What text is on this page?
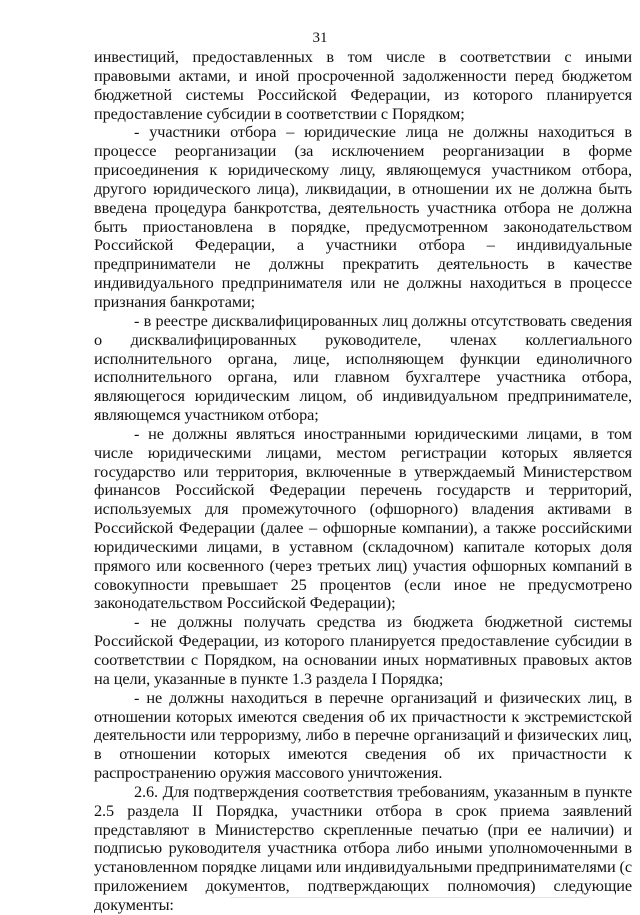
31

инвестиций, предоставленных в том числе в соответствии с иными правовыми актами, и иной просроченной задолженности перед бюджетом бюджетной системы Российской Федерации, из которого планируется предоставление субсидии в соответствии с Порядком;

- участники отбора – юридические лица не должны находиться в процессе реорганизации (за исключением реорганизации в форме присоединения к юридическому лицу, являющемуся участником отбора, другого юридического лица), ликвидации, в отношении их не должна быть введена процедура банкротства, деятельность участника отбора не должна быть приостановлена в порядке, предусмотренном законодательством Российской Федерации, а участники отбора – индивидуальные предприниматели не должны прекратить деятельность в качестве индивидуального предпринимателя или не должны находиться в процессе признания банкротами;

- в реестре дисквалифицированных лиц должны отсутствовать сведения о дисквалифицированных руководителе, членах коллегиального исполнительного органа, лице, исполняющем функции единоличного исполнительного органа, или главном бухгалтере участника отбора, являющегося юридическим лицом, об индивидуальном предпринимателе, являющемся участником отбора;

- не должны являться иностранными юридическими лицами, в том числе юридическими лицами, местом регистрации которых является государство или территория, включенные в утверждаемый Министерством финансов Российской Федерации перечень государств и территорий, используемых для промежуточного (офшорного) владения активами в Российской Федерации (далее – офшорные компании), а также российскими юридическими лицами, в уставном (складочном) капитале которых доля прямого или косвенного (через третьих лиц) участия офшорных компаний в совокупности превышает 25 процентов (если иное не предусмотрено законодательством Российской Федерации);

- не должны получать средства из бюджета бюджетной системы Российской Федерации, из которого планируется предоставление субсидии в соответствии с Порядком, на основании иных нормативных правовых актов на цели, указанные в пункте 1.3 раздела I Порядка;

- не должны находиться в перечне организаций и физических лиц, в отношении которых имеются сведения об их причастности к экстремистской деятельности или терроризму, либо в перечне организаций и физических лиц, в отношении которых имеются сведения об их причастности к распространению оружия массового уничтожения.

2.6. Для подтверждения соответствия требованиям, указанным в пункте 2.5 раздела II Порядка, участники отбора в срок приема заявлений представляют в Министерство скрепленные печатью (при ее наличии) и подписью руководителя участника отбора либо иными уполномоченными в установленном порядке лицами или индивидуальными предпринимателями (с приложением документов, подтверждающих полномочия) следующие документы:
